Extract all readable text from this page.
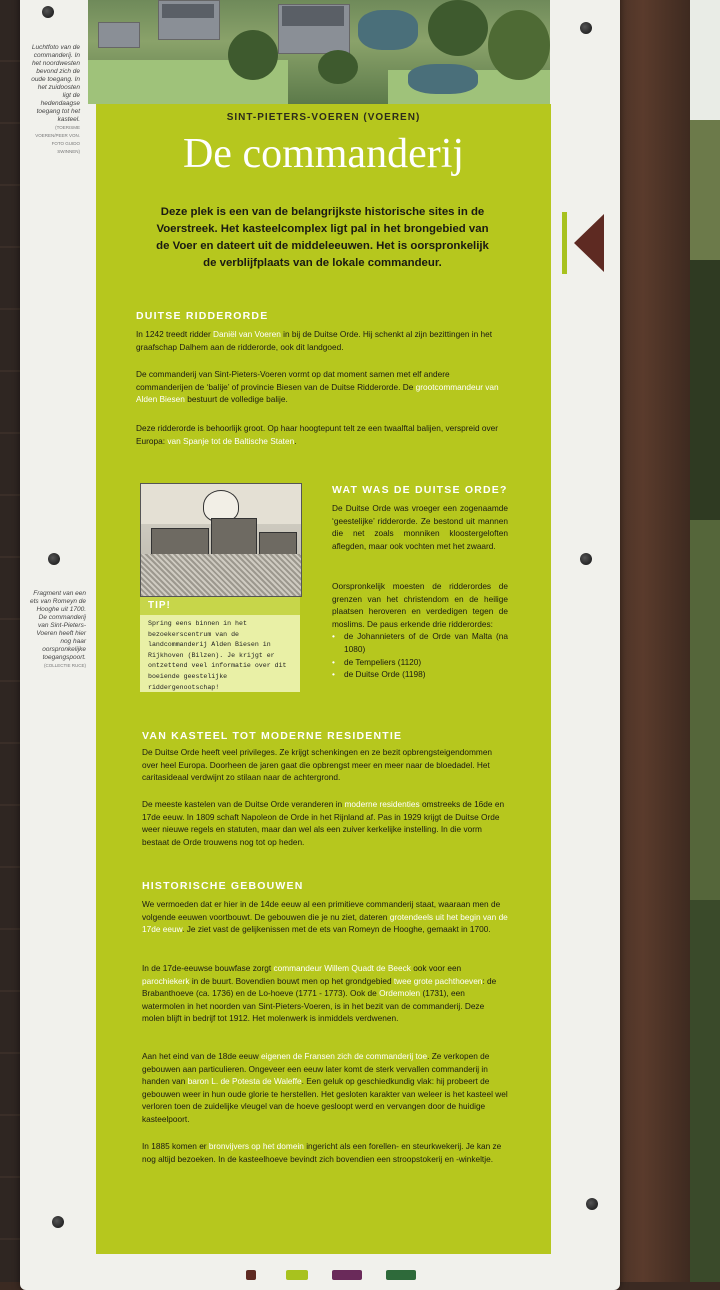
Luchtfoto van de commanderij. In het noordwesten bevond zich de oude toegang. In het zuidoosten ligt de hedendaagse toegang tot het kasteel.
(TOERISME VOEREN/PEER VON. FOTO GUIDO SWINNEN)
Fragment van een ets van Romeyn de Hooghe uit 1700. De commanderij van Sint-Pieters-Voeren heeft hier nog haar oorspronkelijke toegangspoort.
(COLLECTIE RUCE)
SINT-PIETERS-VOEREN (VOEREN)
De commanderij
Deze plek is een van de belangrijkste historische sites in de Voerstreek. Het kasteelcomplex ligt pal in het brongebied van de Voer en dateert uit de middeleeuwen. Het is oorspronkelijk de verblijfplaats van de lokale commandeur.
DUITSE RIDDERORDE
In 1242 treedt ridder Daniël van Voeren in bij de Duitse Orde. Hij schenkt al zijn bezittingen in het graafschap Dalhem aan de ridderorde, ook dit landgoed.
De commanderij van Sint-Pieters-Voeren vormt op dat moment samen met elf andere commanderijen de ‘balije’ of provincie Biesen van de Duitse Ridderorde. De grootcommandeur van Alden Biesen bestuurt de volledige balije.
Deze ridderorde is behoorlijk groot. Op haar hoogtepunt telt ze een twaalftal balijen, verspreid over Europa: van Spanje tot de Baltische Staten.
TIP!
Spring eens binnen in het bezoekerscentrum van de landcommanderij Alden Biesen in Rijkhoven (Bilzen). Je krijgt er ontzettend veel informatie over dit boeiende geestelijke riddergenootschap!
WAT WAS DE DUITSE ORDE?
De Duitse Orde was vroeger een zogenaamde ‘geestelijke’ ridderorde. Ze bestond uit mannen die net zoals monniken kloostergeloften aflegden, maar ook vochten met het zwaard.
Oorspronkelijk moesten de ridderordes de grenzen van het christendom en de heilige plaatsen heroveren en verdedigen tegen de moslims. De paus erkende drie ridderordes:
• de Johannieters of de Orde van Malta (na 1080)
• de Tempeliers (1120)
• de Duitse Orde (1198)
VAN KASTEEL TOT MODERNE RESIDENTIE
De Duitse Orde heeft veel privileges. Ze krijgt schenkingen en ze bezit opbrengsteigendommen over heel Europa. Doorheen de jaren gaat die opbrengst meer en meer naar de bloedadel. Het caritasideaal verdwijnt zo stilaan naar de achtergrond.
De meeste kastelen van de Duitse Orde veranderen in moderne residenties omstreeks de 16de en 17de eeuw. In 1809 schaft Napoleon de Orde in het Rijnland af. Pas in 1929 krijgt de Duitse Orde weer nieuwe regels en statuten, maar dan wel als een zuiver kerkelijke instelling. In die vorm bestaat de Orde trouwens nog tot op heden.
HISTORISCHE GEBOUWEN
We vermoeden dat er hier in de 14de eeuw al een primitieve commanderij staat, waaraan men de volgende eeuwen voortbouwt. De gebouwen die je nu ziet, dateren grotendeels uit het begin van de 17de eeuw. Je ziet vast de gelijkenissen met de ets van Romeyn de Hooghe, gemaakt in 1700.
In de 17de-eeuwse bouwfase zorgt commandeur Willem Quadt de Beeck ook voor een parochiekerk in de buurt. Bovendien bouwt men op het grondgebied twee grote pachthoeven: de Brabanthoeve (ca. 1736) en de Lo-hoeve (1771 - 1773). Ook de Ordemolen (1731), een watermolen in het noorden van Sint-Pieters-Voeren, is in het bezit van de commanderij. Deze molen blijft in bedrijf tot 1912. Het molenwerk is inmiddels verdwenen.
Aan het eind van de 18de eeuw eigenen de Fransen zich de commanderij toe. Ze verkopen de gebouwen aan particulieren. Ongeveer een eeuw later komt de sterk vervallen commanderij in handen van baron L. de Potesta de Waleffe. Een geluk op geschiedkundig vlak: hij probeert de gebouwen weer in hun oude glorie te herstellen. Het gesloten karakter van weleer is het kasteel wel verloren toen de zuidelijke vleugel van de hoeve gesloopt werd en vervangen door de huidige kasteelpoort.
In 1885 komen er bronvijvers op het domein ingericht als een forellen- en steurkwekerij. Je kan ze nog altijd bezoeken. In de kasteelhoeve bevindt zich bovendien een stroopstokerij en -winkeltje.
